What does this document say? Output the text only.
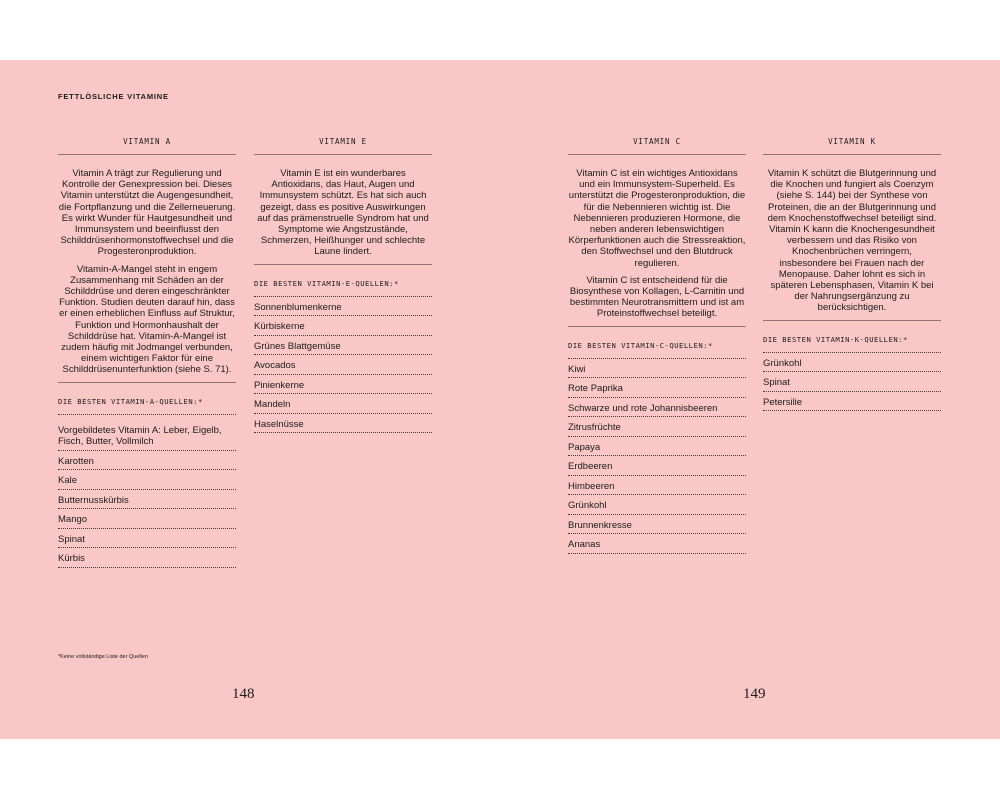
FETTLÖSLICHE VITAMINE
VITAMIN A

Vitamin A trägt zur Regulierung und Kontrolle der Genexpression bei. Dieses Vitamin unterstützt die Augengesundheit, die Fortpflanzung und die Zellerneuerung. Es wirkt Wunder für Hautgesundheit und Immunsystem und beeinflusst den Schilddrüsenhormonstoffwechsel und die Progesteronproduktion.

Vitamin-A-Mangel steht in engem Zusammenhang mit Schäden an der Schilddrüse und deren eingeschränkter Funktion. Studien deuten darauf hin, dass er einen erheblichen Einfluss auf Struktur, Funktion und Hormonhaushalt der Schilddrüse hat. Vitamin-A-Mangel ist zudem häufig mit Jodmangel verbunden, einem wichtigen Faktor für eine Schilddrüsenunterfunktion (siehe S. 71).

DIE BESTEN VITAMIN-A-QUELLEN:*
Vorgebildetes Vitamin A: Leber, Eigelb, Fisch, Butter, Vollmilch
Karotten
Kale
Butternusskürbis
Mango
Spinat
Kürbis
VITAMIN E

Vitamin E ist ein wunderbares Antioxidans, das Haut, Augen und Immunsystem schützt. Es hat sich auch gezeigt, dass es positive Auswirkungen auf das prämenstruelle Syndrom hat und Symptome wie Angstzustände, Schmerzen, Heißhunger und schlechte Laune lindert.

DIE BESTEN VITAMIN-E-QUELLEN:*
Sonnenblumenkerne
Kürbiskerne
Grünes Blattgemüse
Avocados
Pinienkerne
Mandeln
Haselnüsse
VITAMIN C

Vitamin C ist ein wichtiges Antioxidans und ein Immunsystem-Superheld. Es unterstützt die Progesteronproduktion, die für die Nebennieren wichtig ist. Die Nebennieren produzieren Hormone, die neben anderen lebenswichtigen Körperfunktionen auch die Stressreaktion, den Stoffwechsel und den Blutdruck regulieren.

Vitamin C ist entscheidend für die Biosynthese von Kollagen, L-Carnitin und bestimmten Neurotransmittern und ist am Proteinstoffwechsel beteiligt.

DIE BESTEN VITAMIN-C-QUELLEN:*
Kiwi
Rote Paprika
Schwarze und rote Johannisbeeren
Zitrusfrüchte
Papaya
Erdbeeren
Himbeeren
Grünkohl
Brunnenkresse
Ananas
VITAMIN K

Vitamin K schützt die Blutgerinnung und die Knochen und fungiert als Coenzym (siehe S. 144) bei der Synthese von Proteinen, die an der Blutgerinnung und dem Knochenstoffwechsel beteiligt sind. Vitamin K kann die Knochengesundheit verbessern und das Risiko von Knochenbrüchen verringern, insbesondere bei Frauen nach der Menopause. Daher lohnt es sich in späteren Lebensphasen, Vitamin K bei der Nahrungsergänzung zu berücksichtigen.

DIE BESTEN VITAMIN-K-QUELLEN:*
Grünkohl
Spinat
Petersilie
*Keine vollständige Liste der Quellen
148	149
